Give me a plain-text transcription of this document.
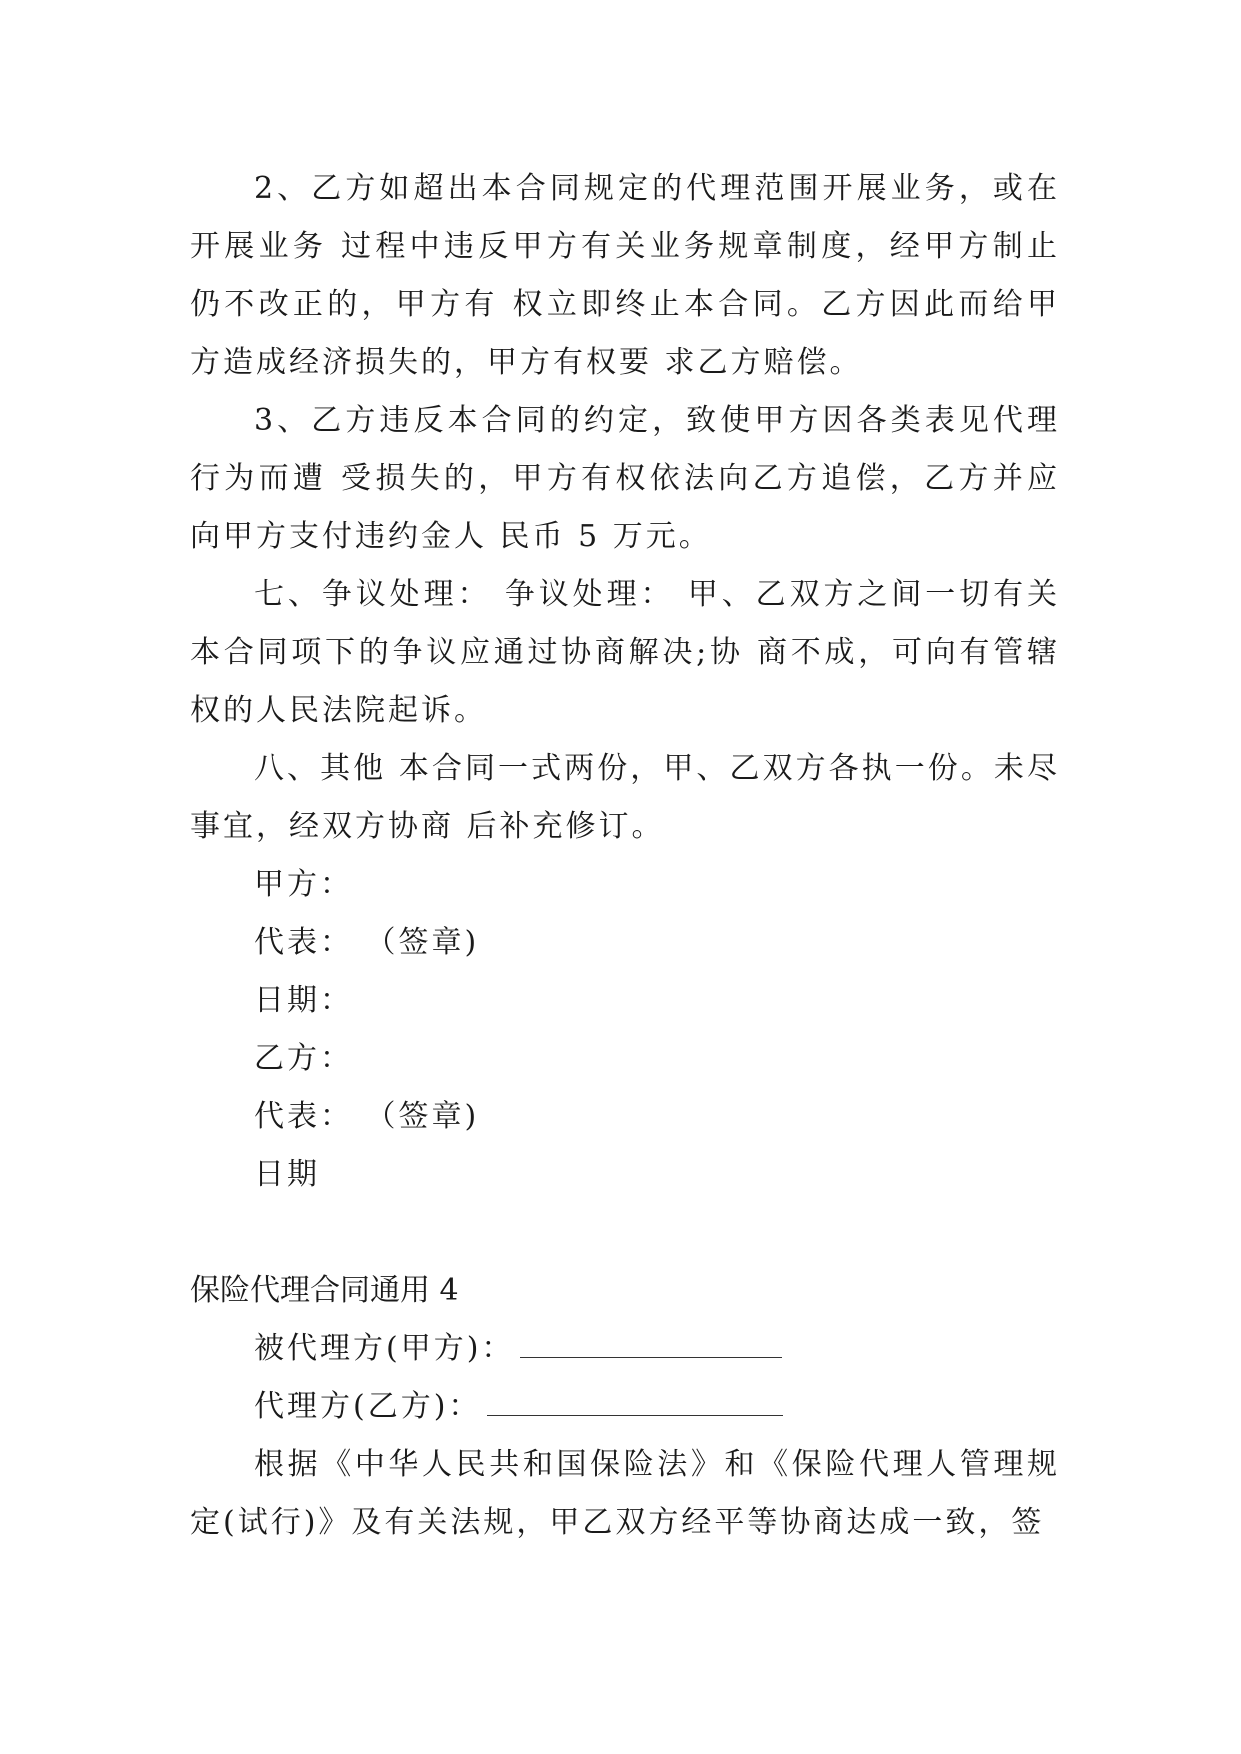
2、乙方如超出本合同规定的代理范围开展业务，或在开展业务 过程中违反甲方有关业务规章制度，经甲方制止仍不改正的，甲方有 权立即终止本合同。乙方因此而给甲方造成经济损失的，甲方有权要 求乙方赔偿。

3、乙方违反本合同的约定，致使甲方因各类表见代理行为而遭 受损失的，甲方有权依法向乙方追偿，乙方并应向甲方支付违约金人 民币 5 万元。

七、争议处理： 争议处理： 甲、乙双方之间一切有关本合同项下的争议应通过协商解决;协 商不成，可向有管辖权的人民法院起诉。

八、其他 本合同一式两份，甲、乙双方各执一份。未尽事宜，经双方协商 后补充修订。

甲方：

代表： （签章)

日期：

乙方：

代表： （签章)

日期

保险代理合同通用 4

被代理方(甲方)：

代理方(乙方)：

根据《中华人民共和国保险法》和《保险代理人管理规定(试行)》及有关法规，甲乙双方经平等协商达成一致，签
